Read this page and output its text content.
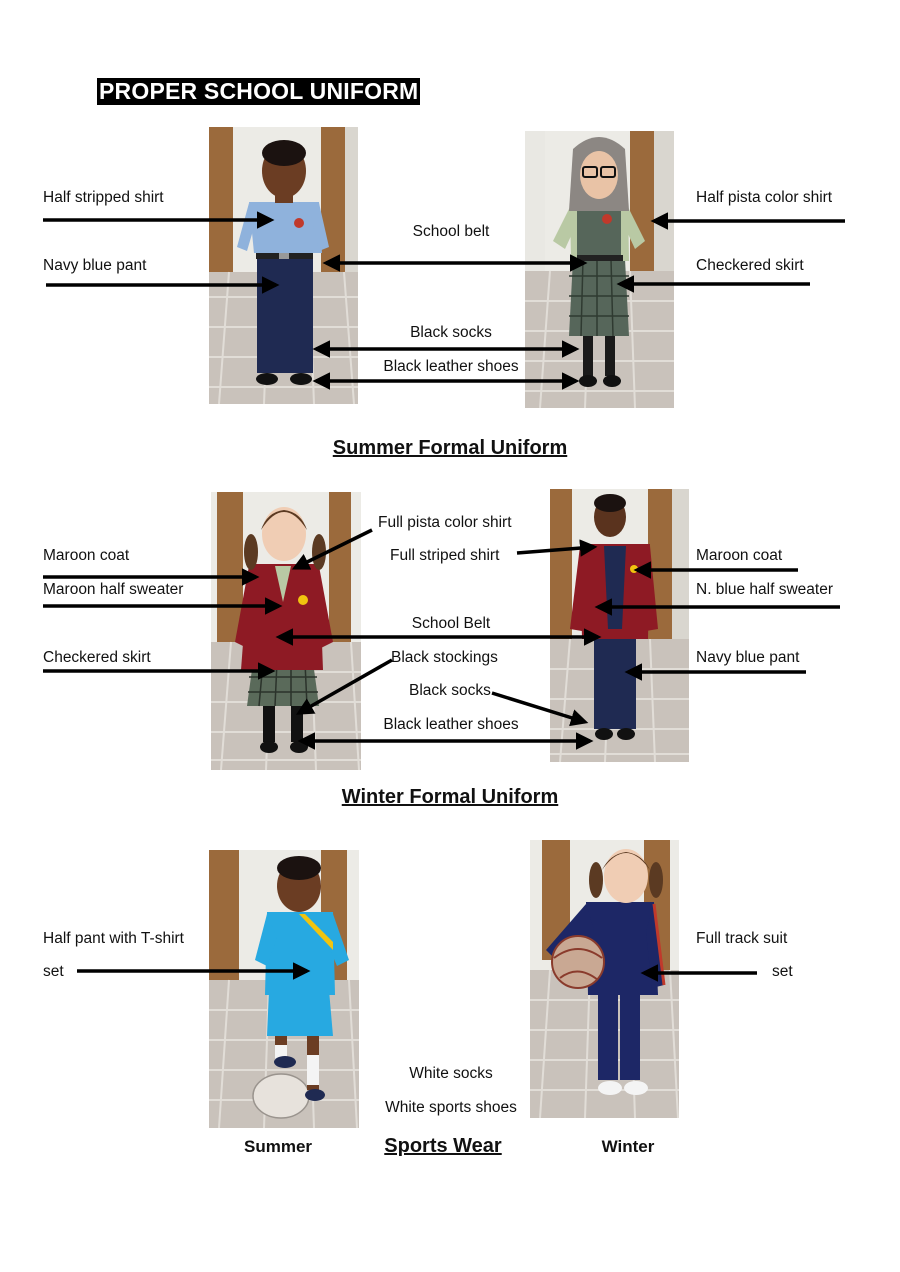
PROPER SCHOOL UNIFORM
Half stripped shirt
Navy blue pant
School belt
Half pista color shirt
Checkered skirt
Black socks
Black leather shoes
Summer Formal Uniform
Full pista color shirt
Full striped shirt
Maroon coat
Maroon half sweater
Maroon coat
N. blue half sweater
School Belt
Checkered skirt	Black stockings	Navy blue pant
Black socks
Black leather shoes
Winter Formal Uniform
Half pant with T-shirt
set
Full track suit
set
White socks
White sports shoes
Summer	Sports Wear	Winter
